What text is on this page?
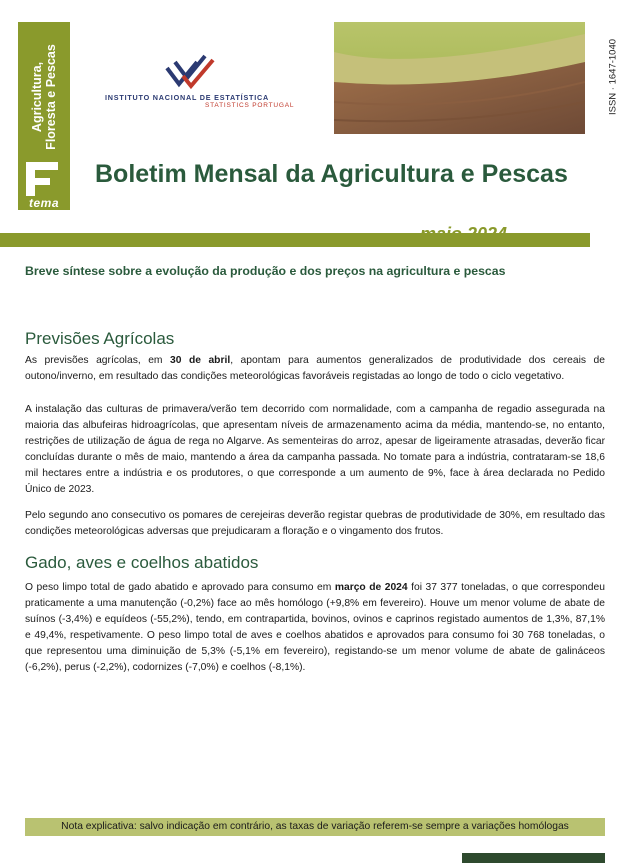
Agricultura, Floresta e Pescas
tema
INSTITUTO NACIONAL DE ESTATÍSTICA
STATISTICS PORTUGAL	ISSN · 1647-1040
Boletim Mensal da Agricultura e Pescas
maio 2024
Breve síntese sobre a evolução da produção e dos preços na agricultura e pescas
Previsões Agrícolas
As previsões agrícolas, em 30 de abril, apontam para aumentos generalizados de produtividade dos cereais de outono/inverno, em resultado das condições meteorológicas favoráveis registadas ao longo de todo o ciclo vegetativo.
A instalação das culturas de primavera/verão tem decorrido com normalidade, com a campanha de regadio assegurada na maioria das albufeiras hidroagrícolas, que apresentam níveis de armazenamento acima da média, mantendo-se, no entanto, restrições de utilização de água de rega no Algarve. As sementeiras do arroz, apesar de ligeiramente atrasadas, deverão ficar concluídas durante o mês de maio, mantendo a área da campanha passada. No tomate para a indústria, contrataram-se 18,6 mil hectares entre a indústria e os produtores, o que corresponde a um aumento de 9%, face à área declarada no Pedido Único de 2023.
Pelo segundo ano consecutivo os pomares de cerejeiras deverão registar quebras de produtividade de 30%, em resultado das condições meteorológicas adversas que prejudicaram a floração e o vingamento dos frutos.
Gado, aves e coelhos abatidos
O peso limpo total de gado abatido e aprovado para consumo em março de 2024 foi 37 377 toneladas, o que correspondeu praticamente a uma manutenção (-0,2%) face ao mês homólogo (+9,8% em fevereiro). Houve um menor volume de abate de suínos (-3,4%) e equídeos (-55,2%), tendo, em contrapartida, bovinos, ovinos e caprinos registado aumentos de 1,3%, 87,1% e 49,4%, respetivamente. O peso limpo total de aves e coelhos abatidos e aprovados para consumo foi 30 768 toneladas, o que representou uma diminuição de 5,3% (-5,1% em fevereiro), registando-se um menor volume de abate de galináceos (-6,2%), perus (-2,2%), codornizes (-7,0%) e coelhos (-8,1%).
Nota explicativa: salvo indicação em contrário, as taxas de variação referem-se sempre a variações homólogas
